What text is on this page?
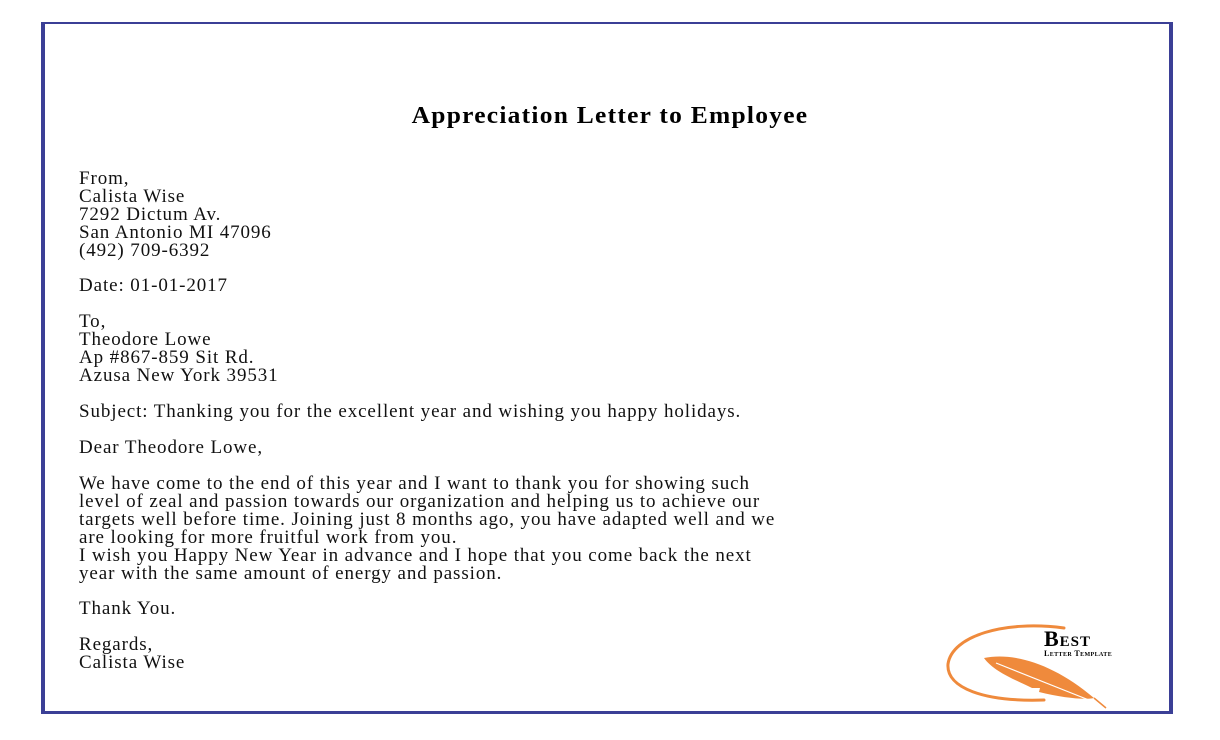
Appreciation Letter to Employee
From,
Calista Wise
7292 Dictum Av.
San Antonio MI 47096
(492) 709-6392
Date: 01-01-2017
To,
Theodore Lowe
Ap #867-859 Sit Rd.
Azusa New York 39531
Subject: Thanking you for the excellent year and wishing you happy holidays.
Dear Theodore Lowe,
We have come to the end of this year and I want to thank you for showing such
level of zeal and passion towards our organization and helping us to achieve our
targets well before time. Joining just 8 months ago, you have adapted well and we
are looking for more fruitful work from you.
I wish you Happy New Year in advance and I hope that you come back the next
year with the same amount of energy and passion.
Thank You.
Regards,
Calista Wise
Best
Letter Template
